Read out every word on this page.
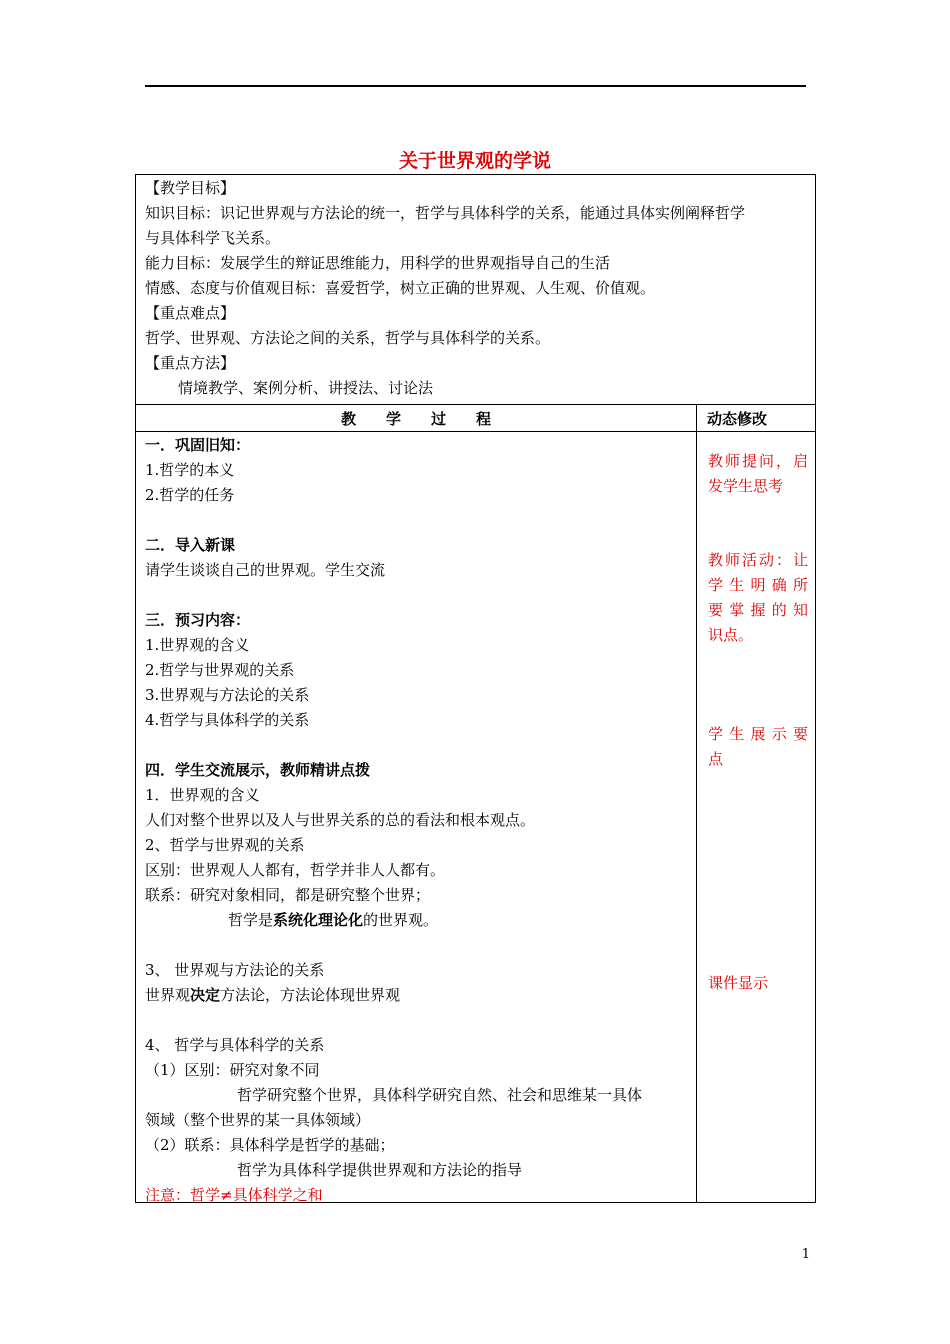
关于世界观的学说
【教学目标】
知识目标：识记世界观与方法论的统一，哲学与具体科学的关系，能通过具体实例阐释哲学
与具体科学飞关系。
能力目标：发展学生的辩证思维能力，用科学的世界观指导自己的生活
情感、态度与价值观目标：喜爱哲学，树立正确的世界观、人生观、价值观。
【重点难点】
哲学、世界观、方法论之间的关系，哲学与具体科学的关系。
【重点方法】
情境教学、案例分析、讲授法、讨论法
教　　学　　过　　程	动态修改
一．巩固旧知：
1.哲学的本义
2.哲学的任务
二．导入新课
请学生谈谈自己的世界观。学生交流
三．预习内容：
1.世界观的含义
2.哲学与世界观的关系
3.世界观与方法论的关系
4.哲学与具体科学的关系
四．学生交流展示，教师精讲点拨
1．世界观的含义
人们对整个世界以及人与世界关系的总的看法和根本观点。
2、哲学与世界观的关系
区别：世界观人人都有，哲学并非人人都有。
联系：研究对象相同，都是研究整个世界；
哲学是系统化理论化的世界观。
3、 世界观与方法论的关系
世界观决定方法论，方法论体现世界观
4、 哲学与具体科学的关系
（1）区别：研究对象不同
哲学研究整个世界，具体科学研究自然、社会和思维某一具体
领域（整个世界的某一具体领域）
（2）联系：具体科学是哲学的基础；
哲学为具体科学提供世界观和方法论的指导
注意：哲学≠具体科学之和
教师提问，启
发学生思考
教师活动：让
学生明确所
要掌握的知
识点。
学生展示要
点
课件显示
1
